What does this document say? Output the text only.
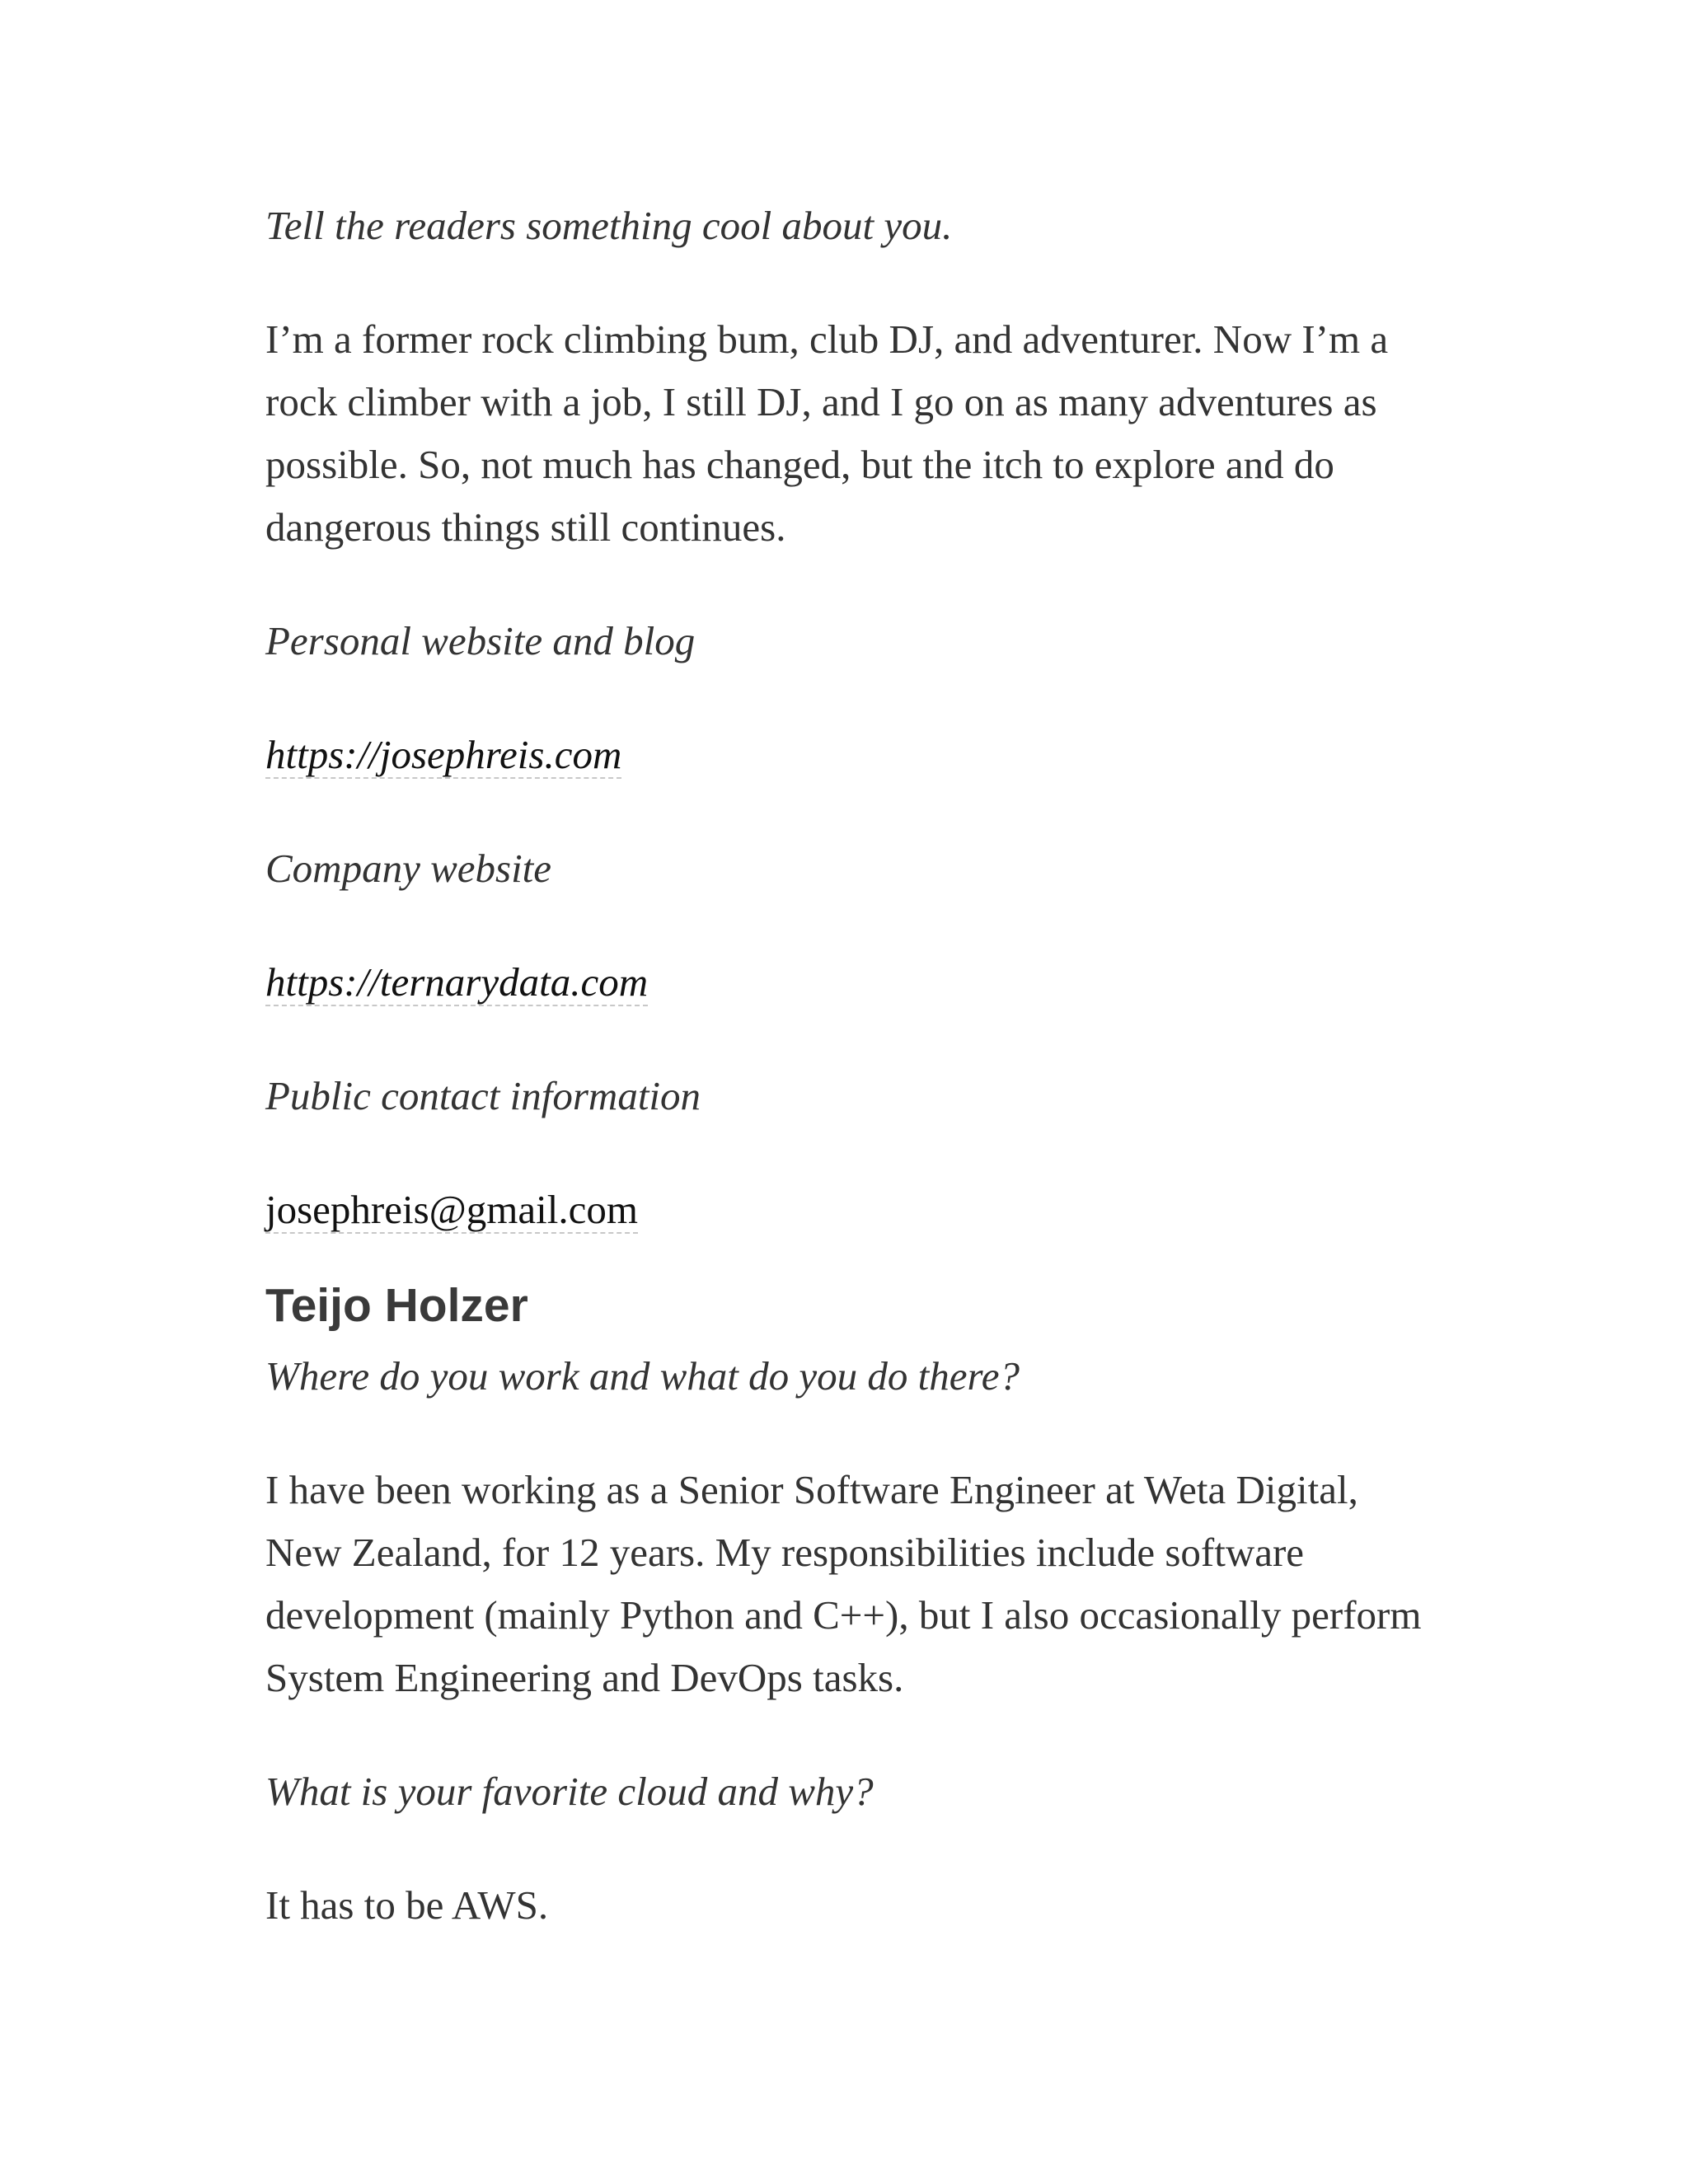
Tell the readers something cool about you.

I’m a former rock climbing bum, club DJ, and adventurer. Now I’m a rock climber with a job, I still DJ, and I go on as many adventures as possible. So, not much has changed, but the itch to explore and do dangerous things still continues.

Personal website and blog

https://josephreis.com

Company website

https://ternarydata.com

Public contact information

josephreis@gmail.com

Teijo Holzer

Where do you work and what do you do there?

I have been working as a Senior Software Engineer at Weta Digital, New Zealand, for 12 years. My responsibilities include software development (mainly Python and C++), but I also occasionally perform System Engineering and DevOps tasks.

What is your favorite cloud and why?

It has to be AWS.
